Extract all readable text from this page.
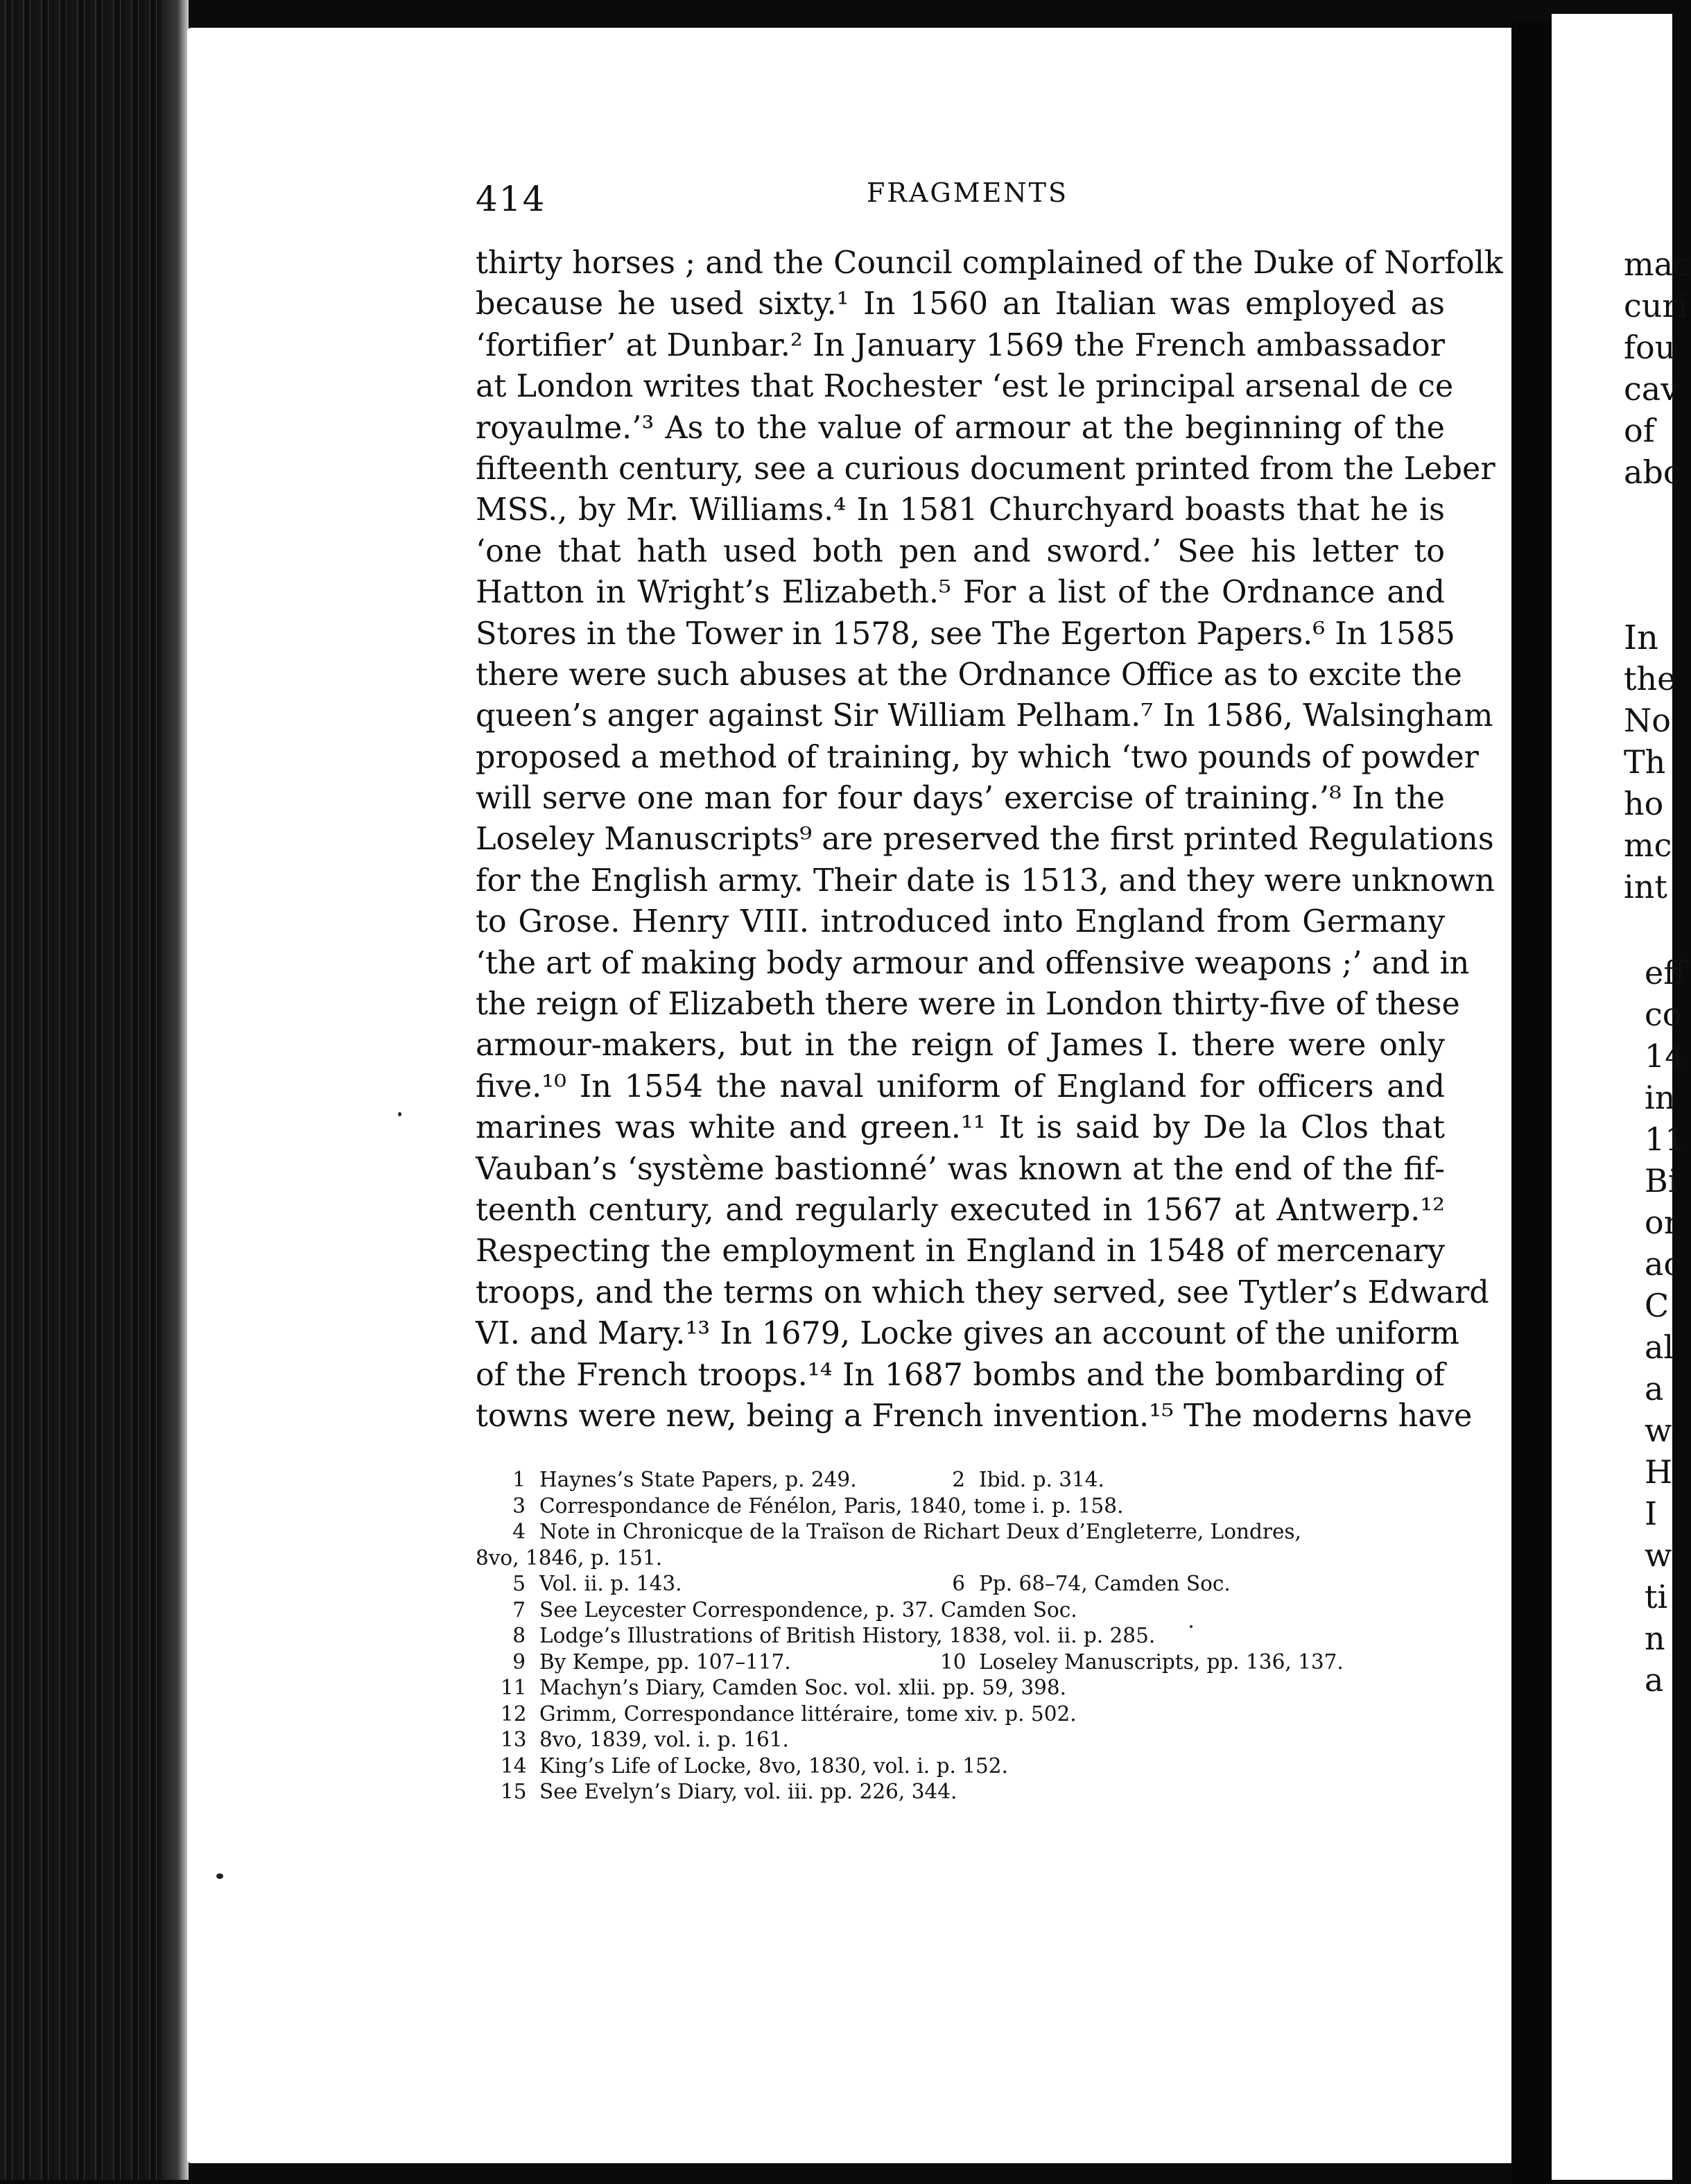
414	FRAGMENTS
thirty horses ; and the Council complained of the Duke of Norfolk
because he used sixty.¹ In 1560 an Italian was employed as
‘fortifier’ at Dunbar.² In January 1569 the French ambassador
at London writes that Rochester ‘est le principal arsenal de ce
royaulme.’³ As to the value of armour at the beginning of the
fifteenth century, see a curious document printed from the Leber
MSS., by Mr. Williams.⁴ In 1581 Churchyard boasts that he is
‘one that hath used both pen and sword.’ See his letter to
Hatton in Wright’s Elizabeth.⁵ For a list of the Ordnance and
Stores in the Tower in 1578, see The Egerton Papers.⁶ In 1585
there were such abuses at the Ordnance Office as to excite the
queen’s anger against Sir William Pelham.⁷ In 1586, Walsingham
proposed a method of training, by which ‘two pounds of powder
will serve one man for four days’ exercise of training.’⁸ In the
Loseley Manuscripts⁹ are preserved the first printed Regulations
for the English army. Their date is 1513, and they were unknown
to Grose. Henry VIII. introduced into England from Germany
‘the art of making body armour and offensive weapons ;’ and in
the reign of Elizabeth there were in London thirty-five of these
armour-makers, but in the reign of James I. there were only
five.¹⁰ In 1554 the naval uniform of England for officers and
marines was white and green.¹¹ It is said by De la Clos that
Vauban’s ‘système bastionné’ was known at the end of the fif-
teenth century, and regularly executed in 1567 at Antwerp.¹²
Respecting the employment in England in 1548 of mercenary
troops, and the terms on which they served, see Tytler’s Edward
VI. and Mary.¹³ In 1679, Locke gives an account of the uniform
of the French troops.¹⁴ In 1687 bombs and the bombarding of
towns were new, being a French invention.¹⁵ The moderns have
1 Haynes’s State Papers, p. 249.	2 Ibid. p. 314.
3 Correspondance de Fénélon, Paris, 1840, tome i. p. 158.
4 Note in Chronicque de la Traïson de Richart Deux d’Engleterre, Londres,
8vo, 1846, p. 151.
5 Vol. ii. p. 143.	6 Pp. 68–74, Camden Soc.
7 See Leycester Correspondence, p. 37. Camden Soc.
8 Lodge’s Illustrations of British History, 1838, vol. ii. p. 285.
9 By Kempe, pp. 107–117.	10 Loseley Manuscripts, pp. 136, 137.
11 Machyn’s Diary, Camden Soc. vol. xlii. pp. 59, 398.
12 Grimm, Correspondance littéraire, tome xiv. p. 502.
13 8vo, 1839, vol. i. p. 161.
14 King’s Life of Locke, 8vo, 1830, vol. i. p. 152.
15 See Evelyn’s Diary, vol. iii. pp. 226, 344.
mac
curi
fou
cav
of
abc
In
the
No
Th
ho
mc
int
eff
co
14
in
11
Bi
or
ac
C
al
a
w
H
I
w
ti
n
a
